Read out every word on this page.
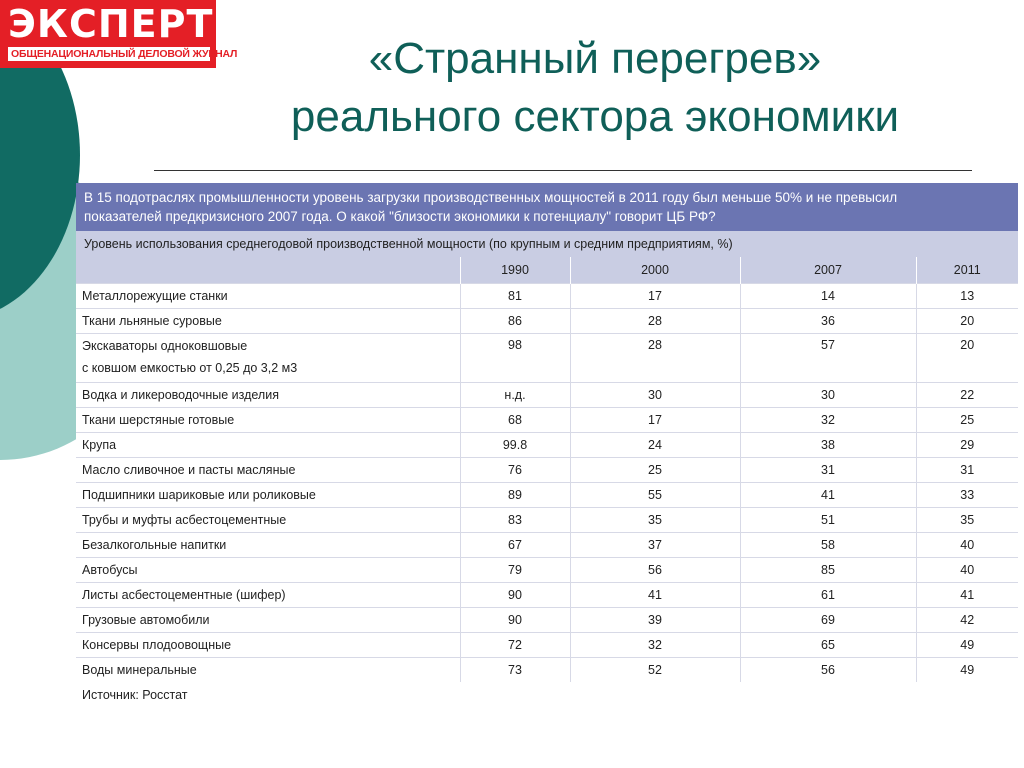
ЭКСПЕРТ
ОБЩЕНАЦИОНАЛЬНЫЙ ДЕЛОВОЙ ЖУРНАЛ	«Странный перегрев»
реального сектора экономики
В 15 подотраслях промышленности уровень загрузки производственных мощностей в 2011 году был меньше 50% и не превысил
показателей предкризисного 2007 года. О какой "близости экономики к потенциалу" говорит ЦБ РФ?
Уровень использования среднегодовой производственной мощности (по крупным и средним предприятиям, %)
	1990	2000	2007	2011
Металлорежущие станки	81	17	14	13
Ткани льняные суровые	86	28	36	20

Экскаваторы одноковшовые
с ковшом емкостью от 0,25 до 3,2 м3	98	28	57	20
Водка и ликероводочные изделия	н.д.	30	30	22
Ткани шерстяные готовые	68	17	32	25
Крупа	99.8	24	38	29
Масло сливочное и пасты масляные	76	25	31	31
Подшипники шариковые или роликовые	89	55	41	33
Трубы и муфты асбестоцементные	83	35	51	35
Безалкогольные напитки	67	37	58	40
Автобусы	79	56	85	40
Листы асбестоцементные (шифер)	90	41	61	41
Грузовые автомобили	90	39	69	42
Консервы плодоовощные	72	32	65	49
Воды минеральные	73	52	56	49
Источник: Росстат
